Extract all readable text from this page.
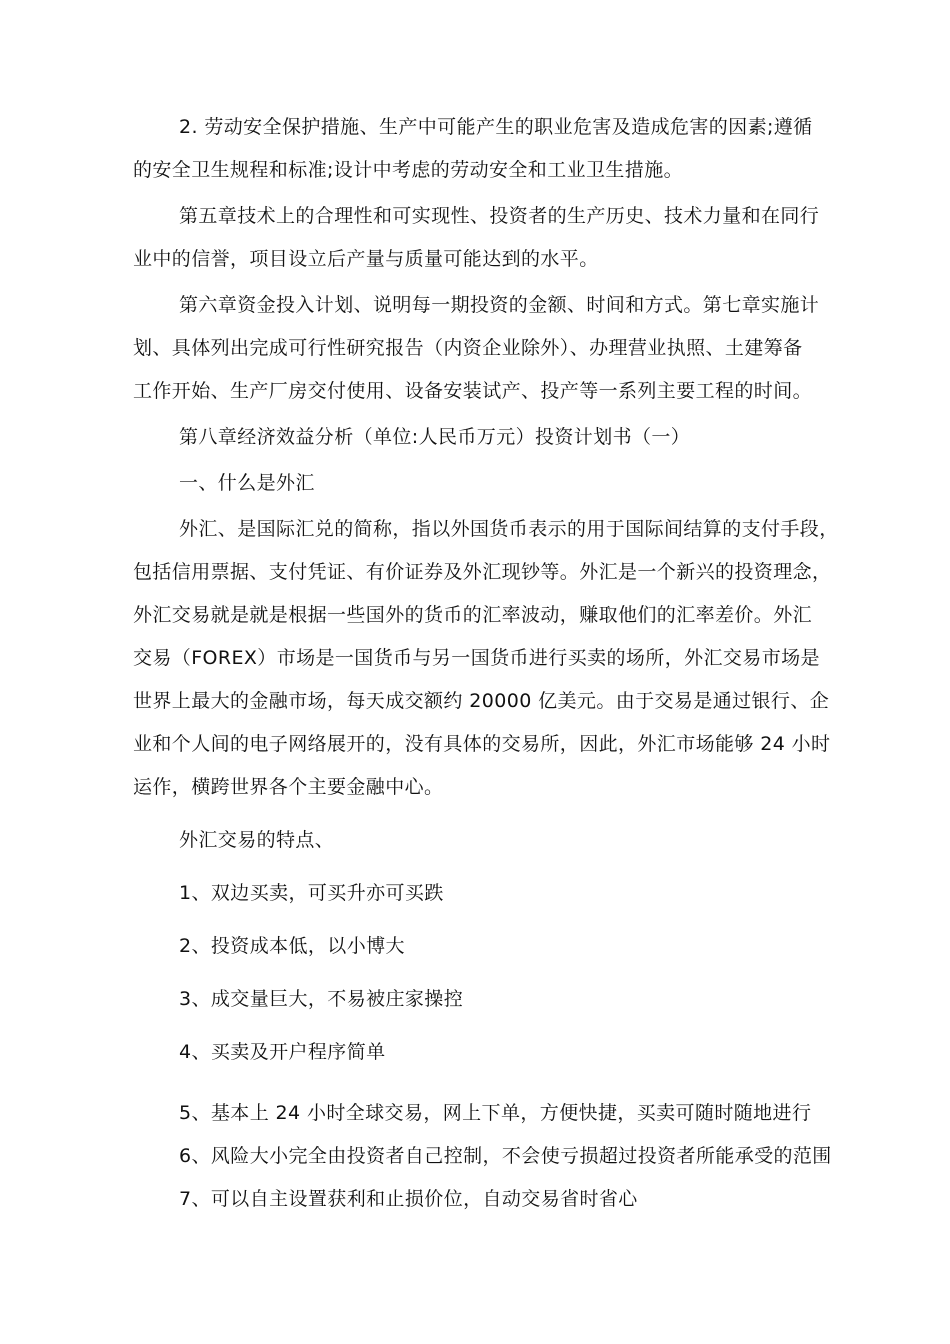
2. 劳动安全保护措施、生产中可能产生的职业危害及造成危害的因素;遵循
的安全卫生规程和标准;设计中考虑的劳动安全和工业卫生措施。
第五章技术上的合理性和可实现性、投资者的生产历史、技术力量和在同行
业中的信誉，项目设立后产量与质量可能达到的水平。
第六章资金投入计划、说明每一期投资的金额、时间和方式。第七章实施计
划、具体列出完成可行性研究报告（内资企业除外）、办理营业执照、土建筹备
工作开始、生产厂房交付使用、设备安装试产、投产等一系列主要工程的时间。
第八章经济效益分析（单位:人民币万元）投资计划书（一）
一、什么是外汇
外汇、是国际汇兑的简称，指以外国货币表示的用于国际间结算的支付手段，
包括信用票据、支付凭证、有价证券及外汇现钞等。外汇是一个新兴的投资理念，
外汇交易就是就是根据一些国外的货币的汇率波动，赚取他们的汇率差价。外汇
交易（FOREX）市场是一国货币与另一国货币进行买卖的场所，外汇交易市场是
世界上最大的金融市场，每天成交额约 20000 亿美元。由于交易是通过银行、企
业和个人间的电子网络展开的，没有具体的交易所，因此，外汇市场能够 24 小时
运作，横跨世界各个主要金融中心。
外汇交易的特点、
1、双边买卖，可买升亦可买跌
2、投资成本低，以小博大
3、成交量巨大，不易被庄家操控
4、买卖及开户程序简单
5、基本上 24 小时全球交易，网上下单，方便快捷，买卖可随时随地进行
6、风险大小完全由投资者自己控制，不会使亏损超过投资者所能承受的范围
7、可以自主设置获利和止损价位，自动交易省时省心
